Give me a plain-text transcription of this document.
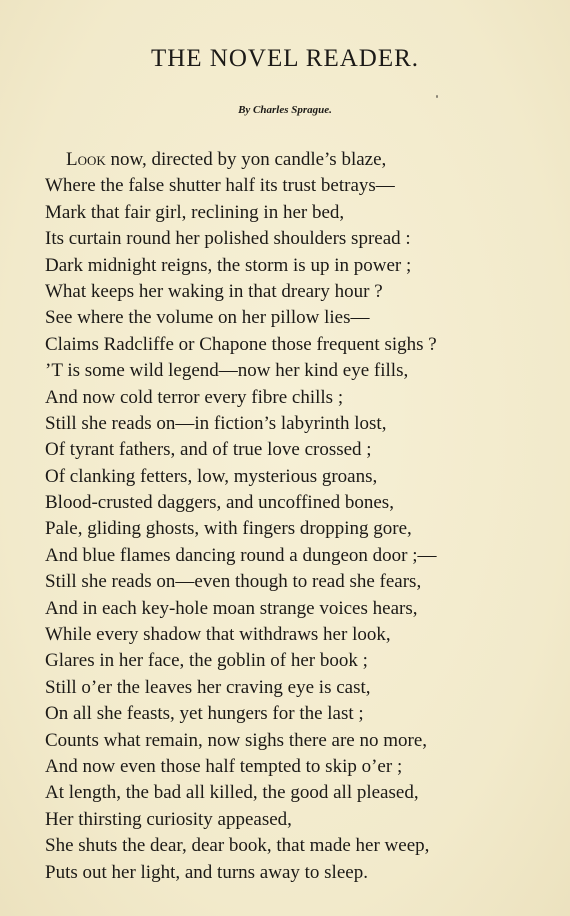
THE NOVEL READER.
By Charles Sprague.
Look now, directed by yon candle’s blaze,
Where the false shutter half its trust betrays—
Mark that fair girl, reclining in her bed,
Its curtain round her polished shoulders spread :
Dark midnight reigns, the storm is up in power ;
What keeps her waking in that dreary hour ?
See where the volume on her pillow lies—
Claims Radcliffe or Chapone those frequent sighs ?
’T is some wild legend—now her kind eye fills,
And now cold terror every fibre chills ;
Still she reads on—in fiction’s labyrinth lost,
Of tyrant fathers, and of true love crossed ;
Of clanking fetters, low, mysterious groans,
Blood-crusted daggers, and uncoffined bones,
Pale, gliding ghosts, with fingers dropping gore,
And blue flames dancing round a dungeon door ;—
Still she reads on—even though to read she fears,
And in each key-hole moan strange voices hears,
While every shadow that withdraws her look,
Glares in her face, the goblin of her book ;
Still o’er the leaves her craving eye is cast,
On all she feasts, yet hungers for the last ;
Counts what remain, now sighs there are no more,
And now even those half tempted to skip o’er ;
At length, the bad all killed, the good all pleased,
Her thirsting curiosity appeased,
She shuts the dear, dear book, that made her weep,
Puts out her light, and turns away to sleep.
